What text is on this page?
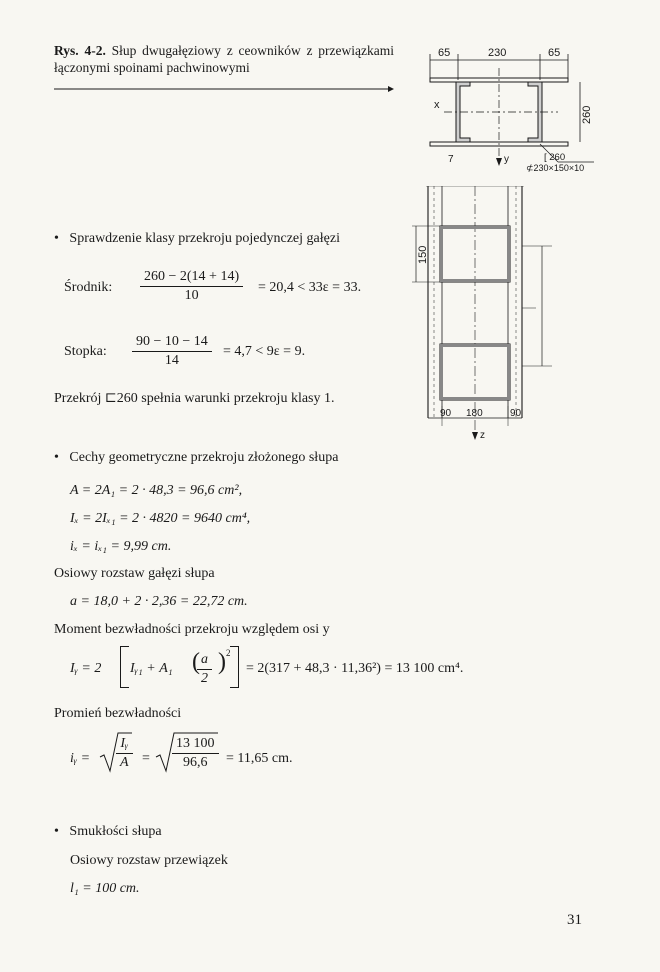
Rys. 4-2. Słup dwugałęziowy z ceowników z przewiązkami łączonymi spoinami pachwinowymi
65	230	65
x
y
260
[ 260
⊄230×150×10
7
150
90 180	90
z
• Sprawdzenie klasy przekroju pojedynczej gałęzi
Środnik: $\frac{260 - 2(14 + 14)}{10} = 20,4 < 33\varepsilon = 33$.
Stopka: $\frac{90 - 10 - 14}{14} = 4,7 < 9\varepsilon = 9$.
Przekrój ⊏260 spełnia warunki przekroju klasy 1.
• Cechy geometryczne przekroju złożonego słupa
A = 2A₁ = 2 · 48,3 = 96,6 cm²,
Iₓ = 2Iₓ₁ = 2 · 4820 = 9640 cm⁴,
iₓ = iₓ₁ = 9,99 cm.
Osiowy rozstaw gałęzi słupa
a = 18,0 + 2 · 2,36 = 22,72 cm.
Moment bezwładności przekroju względem osi y
Iᵧ = 2 Iᵧ₁ + A₁ (
$\frac{a}{2}$ ) 2
= 2(317 + 48,3 · 11,36²) = 13 100 cm⁴.
Promień bezwładności
iᵧ = $\frac{\text{Iᵧ}}{A} = \frac{13 100}{96,6} = 11,65$ cm.
• Smukłości słupa
Osiowy rozstaw przewiązek
l₁ = 100 cm.
31
